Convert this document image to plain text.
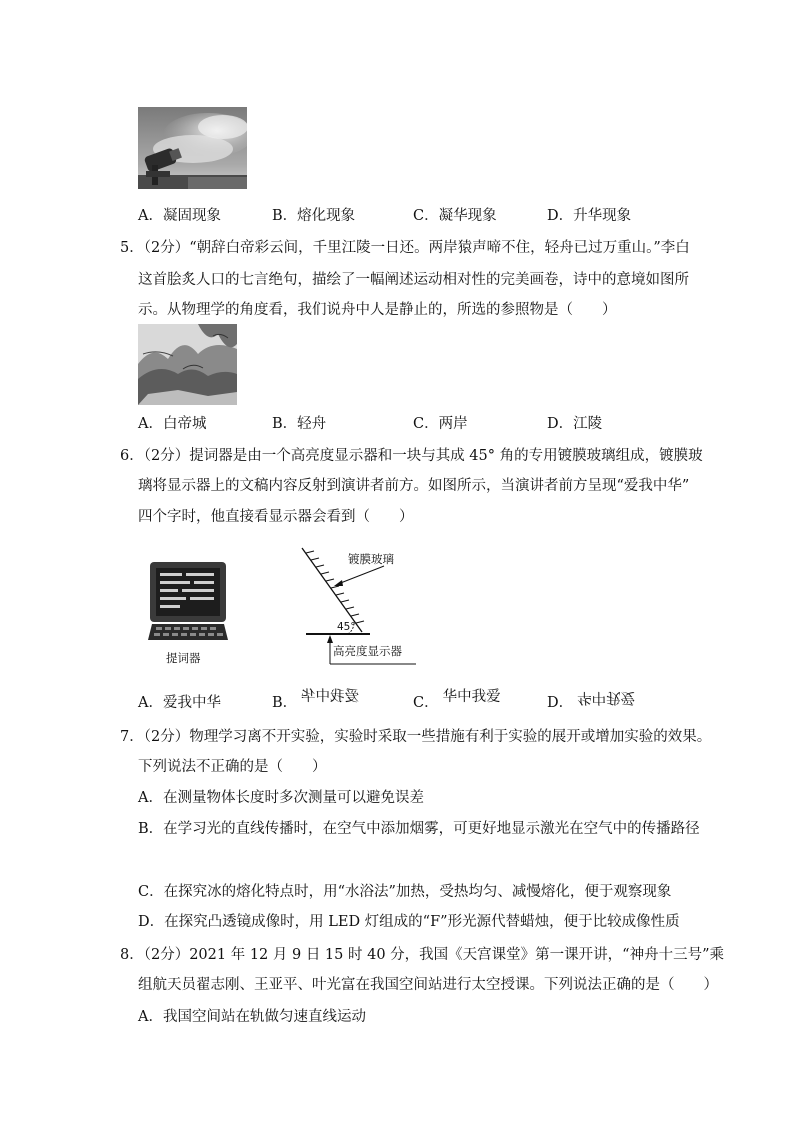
A．凝固现象	B．熔化现象	C．凝华现象	D．升华现象
5．（2分）“朝辞白帝彩云间，千里江陵一日还。两岸猿声啼不住，轻舟已过万重山。”李白
这首脍炙人口的七言绝句，描绘了一幅阐述运动相对性的完美画卷，诗中的意境如图所
示。从物理学的角度看，我们说舟中人是静止的，所选的参照物是（　　）
A．白帝城	B．轻舟	C．两岸	D．江陵
6．（2分）提词器是由一个高亮度显示器和一块与其成 45° 角的专用镀膜玻璃组成，镀膜玻
璃将显示器上的文稿内容反射到演讲者前方。如图所示，当演讲者前方呈现“爱我中华”
四个字时，他直接看显示器会看到（　　）
提词器
镀膜玻璃
45°
高亮度显示器
A．爱我中华	B． 爱我中华	C． 华中我爱	D． 华中我爱
7．（2分）物理学习离不开实验，实验时采取一些措施有利于实验的展开或增加实验的效果。
下列说法不正确的是（　　）
A．在测量物体长度时多次测量可以避免误差
B．在学习光的直线传播时，在空气中添加烟雾，可更好地显示激光在空气中的传播路径
C．在探究冰的熔化特点时，用“水浴法”加热，受热均匀、减慢熔化，便于观察现象
D．在探究凸透镜成像时，用 LED 灯组成的“F”形光源代替蜡烛，便于比较成像性质
8．（2分）2021 年 12 月 9 日 15 时 40 分，我国《天宫课堂》第一课开讲，“神舟十三号”乘
组航天员翟志刚、王亚平、叶光富在我国空间站进行太空授课。下列说法正确的是（　　）
A．我国空间站在轨做匀速直线运动
